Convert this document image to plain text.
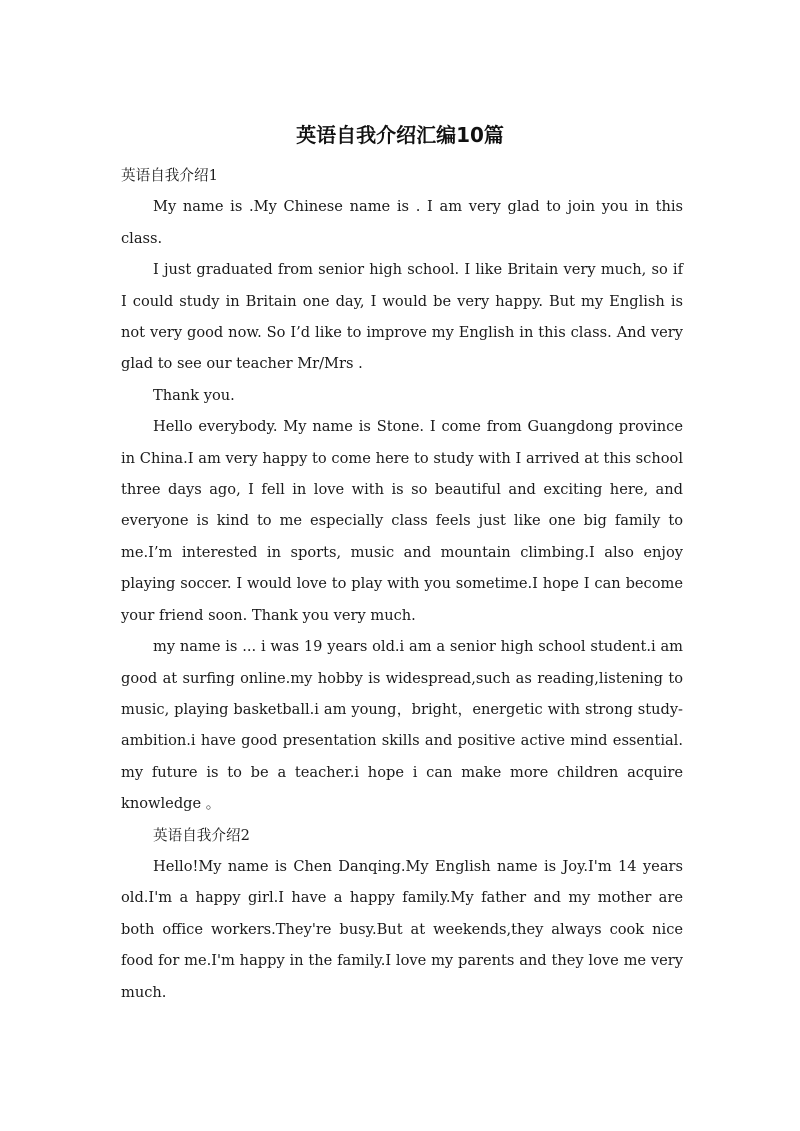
英语自我介绍汇编10篇

英语自我介绍1

My name is .My Chinese name is . I am very glad to join you in this class.

I just graduated from senior high school. I like Britain very much, so if I could study in Britain one day, I would be very happy. But my English is not very good now. So I’d like to improve my English in this class. And very glad to see our teacher Mr/Mrs .

Thank you.

Hello everybody. My name is Stone. I come from Guangdong province in China.I am very happy to come here to study with I arrived at this school three days ago, I fell in love with is so beautiful and exciting here, and everyone is kind to me especially class feels just like one big family to me.I’m interested in sports, music and mountain climbing.I also enjoy playing soccer. I would love to play with you sometime.I hope I can become your friend soon. Thank you very much.

my name is ... i was 19 years old.i am a senior high school student.i am good at surfing online.my hobby is widespread,such as reading,listening to music, playing basketball.i am young，bright，energetic with strong study-ambition.i have good presentation skills and positive active mind essential. my future is to be a teacher.i hope i can make more children acquire knowledge 。

英语自我介绍2

Hello!My name is Chen Danqing.My English name is Joy.I'm 14 years old.I'm a happy girl.I have a happy family.My father and my mother are both office workers.They're busy.But at weekends,they always cook nice food for me.I'm happy in the family.I love my parents and they love me very much.
